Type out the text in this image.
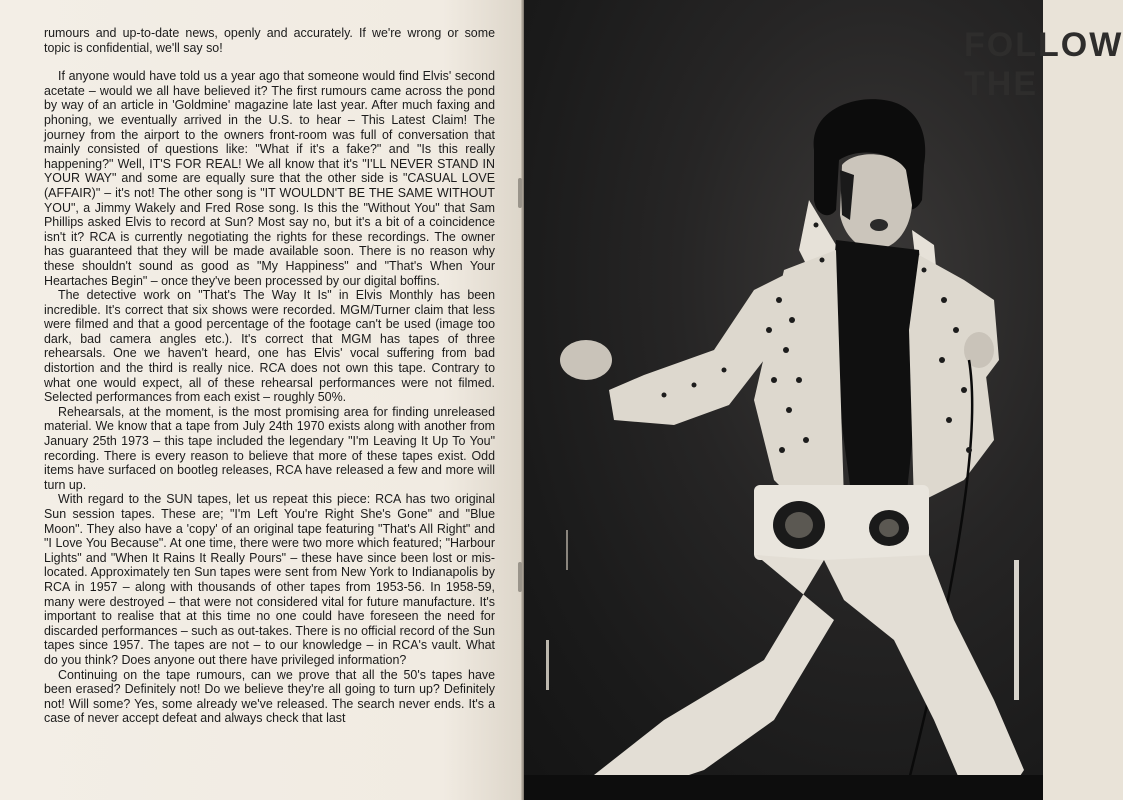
rumours and up-to-date news, openly and accurately. If we're wrong or some topic is confidential, we'll say so!

If anyone would have told us a year ago that someone would find Elvis' second acetate – would we all have believed it? The first rumours came across the pond by way of an article in 'Goldmine' magazine late last year. After much faxing and phoning, we eventually arrived in the U.S. to hear – This Latest Claim! The journey from the airport to the owners front-room was full of conversation that mainly consisted of questions like: "What if it's a fake?" and "Is this really happening?" Well, IT'S FOR REAL! We all know that it's "I'LL NEVER STAND IN YOUR WAY" and some are equally sure that the other side is "CASUAL LOVE (AFFAIR)" – it's not! The other song is "IT WOULDN'T BE THE SAME WITHOUT YOU", a Jimmy Wakely and Fred Rose song. Is this the "Without You" that Sam Phillips asked Elvis to record at Sun? Most say no, but it's a bit of a coincidence isn't it? RCA is currently negotiating the rights for these recordings. The owner has guaranteed that they will be made available soon. There is no reason why these shouldn't sound as good as "My Happiness" and "That's When Your Heartaches Begin" – once they've been processed by our digital boffins.

The detective work on "That's The Way It Is" in Elvis Monthly has been incredible. It's correct that six shows were recorded. MGM/Turner claim that less were filmed and that a good percentage of the footage can't be used (image too dark, bad camera angles etc.). It's correct that MGM has tapes of three rehearsals. One we haven't heard, one has Elvis' vocal suffering from bad distortion and the third is really nice. RCA does not own this tape. Contrary to what one would expect, all of these rehearsal performances were not filmed. Selected performances from each exist – roughly 50%.

Rehearsals, at the moment, is the most promising area for finding unreleased material. We know that a tape from July 24th 1970 exists along with another from January 25th 1973 – this tape included the legendary "I'm Leaving It Up To You" recording. There is every reason to believe that more of these tapes exist. Odd items have surfaced on bootleg releases, RCA have released a few and more will turn up.

With regard to the SUN tapes, let us repeat this piece: RCA has two original Sun session tapes. These are; "I'm Left You're Right She's Gone" and "Blue Moon". They also have a 'copy' of an original tape featuring "That's All Right" and "I Love You Because". At one time, there were two more which featured; "Harbour Lights" and "When It Rains It Really Pours" – these have since been lost or mis-located. Approximately ten Sun tapes were sent from New York to Indianapolis by RCA in 1957 – along with thousands of other tapes from 1953-56. In 1958-59, many were destroyed – that were not considered vital for future manufacture. It's important to realise that at this time no one could have foreseen the need for discarded performances – such as out-takes. There is no official record of the Sun tapes since 1957. The tapes are not – to our knowledge – in RCA's vault. What do you think? Does anyone out there have privileged information?

Continuing on the tape rumours, can we prove that all the 50's tapes have been erased? Definitely not! Do we believe they're all going to turn up? Definitely not! Will some? Yes, some already we've released. The search never ends. It's a case of never accept defeat and always check that last

FOLLOW THE
